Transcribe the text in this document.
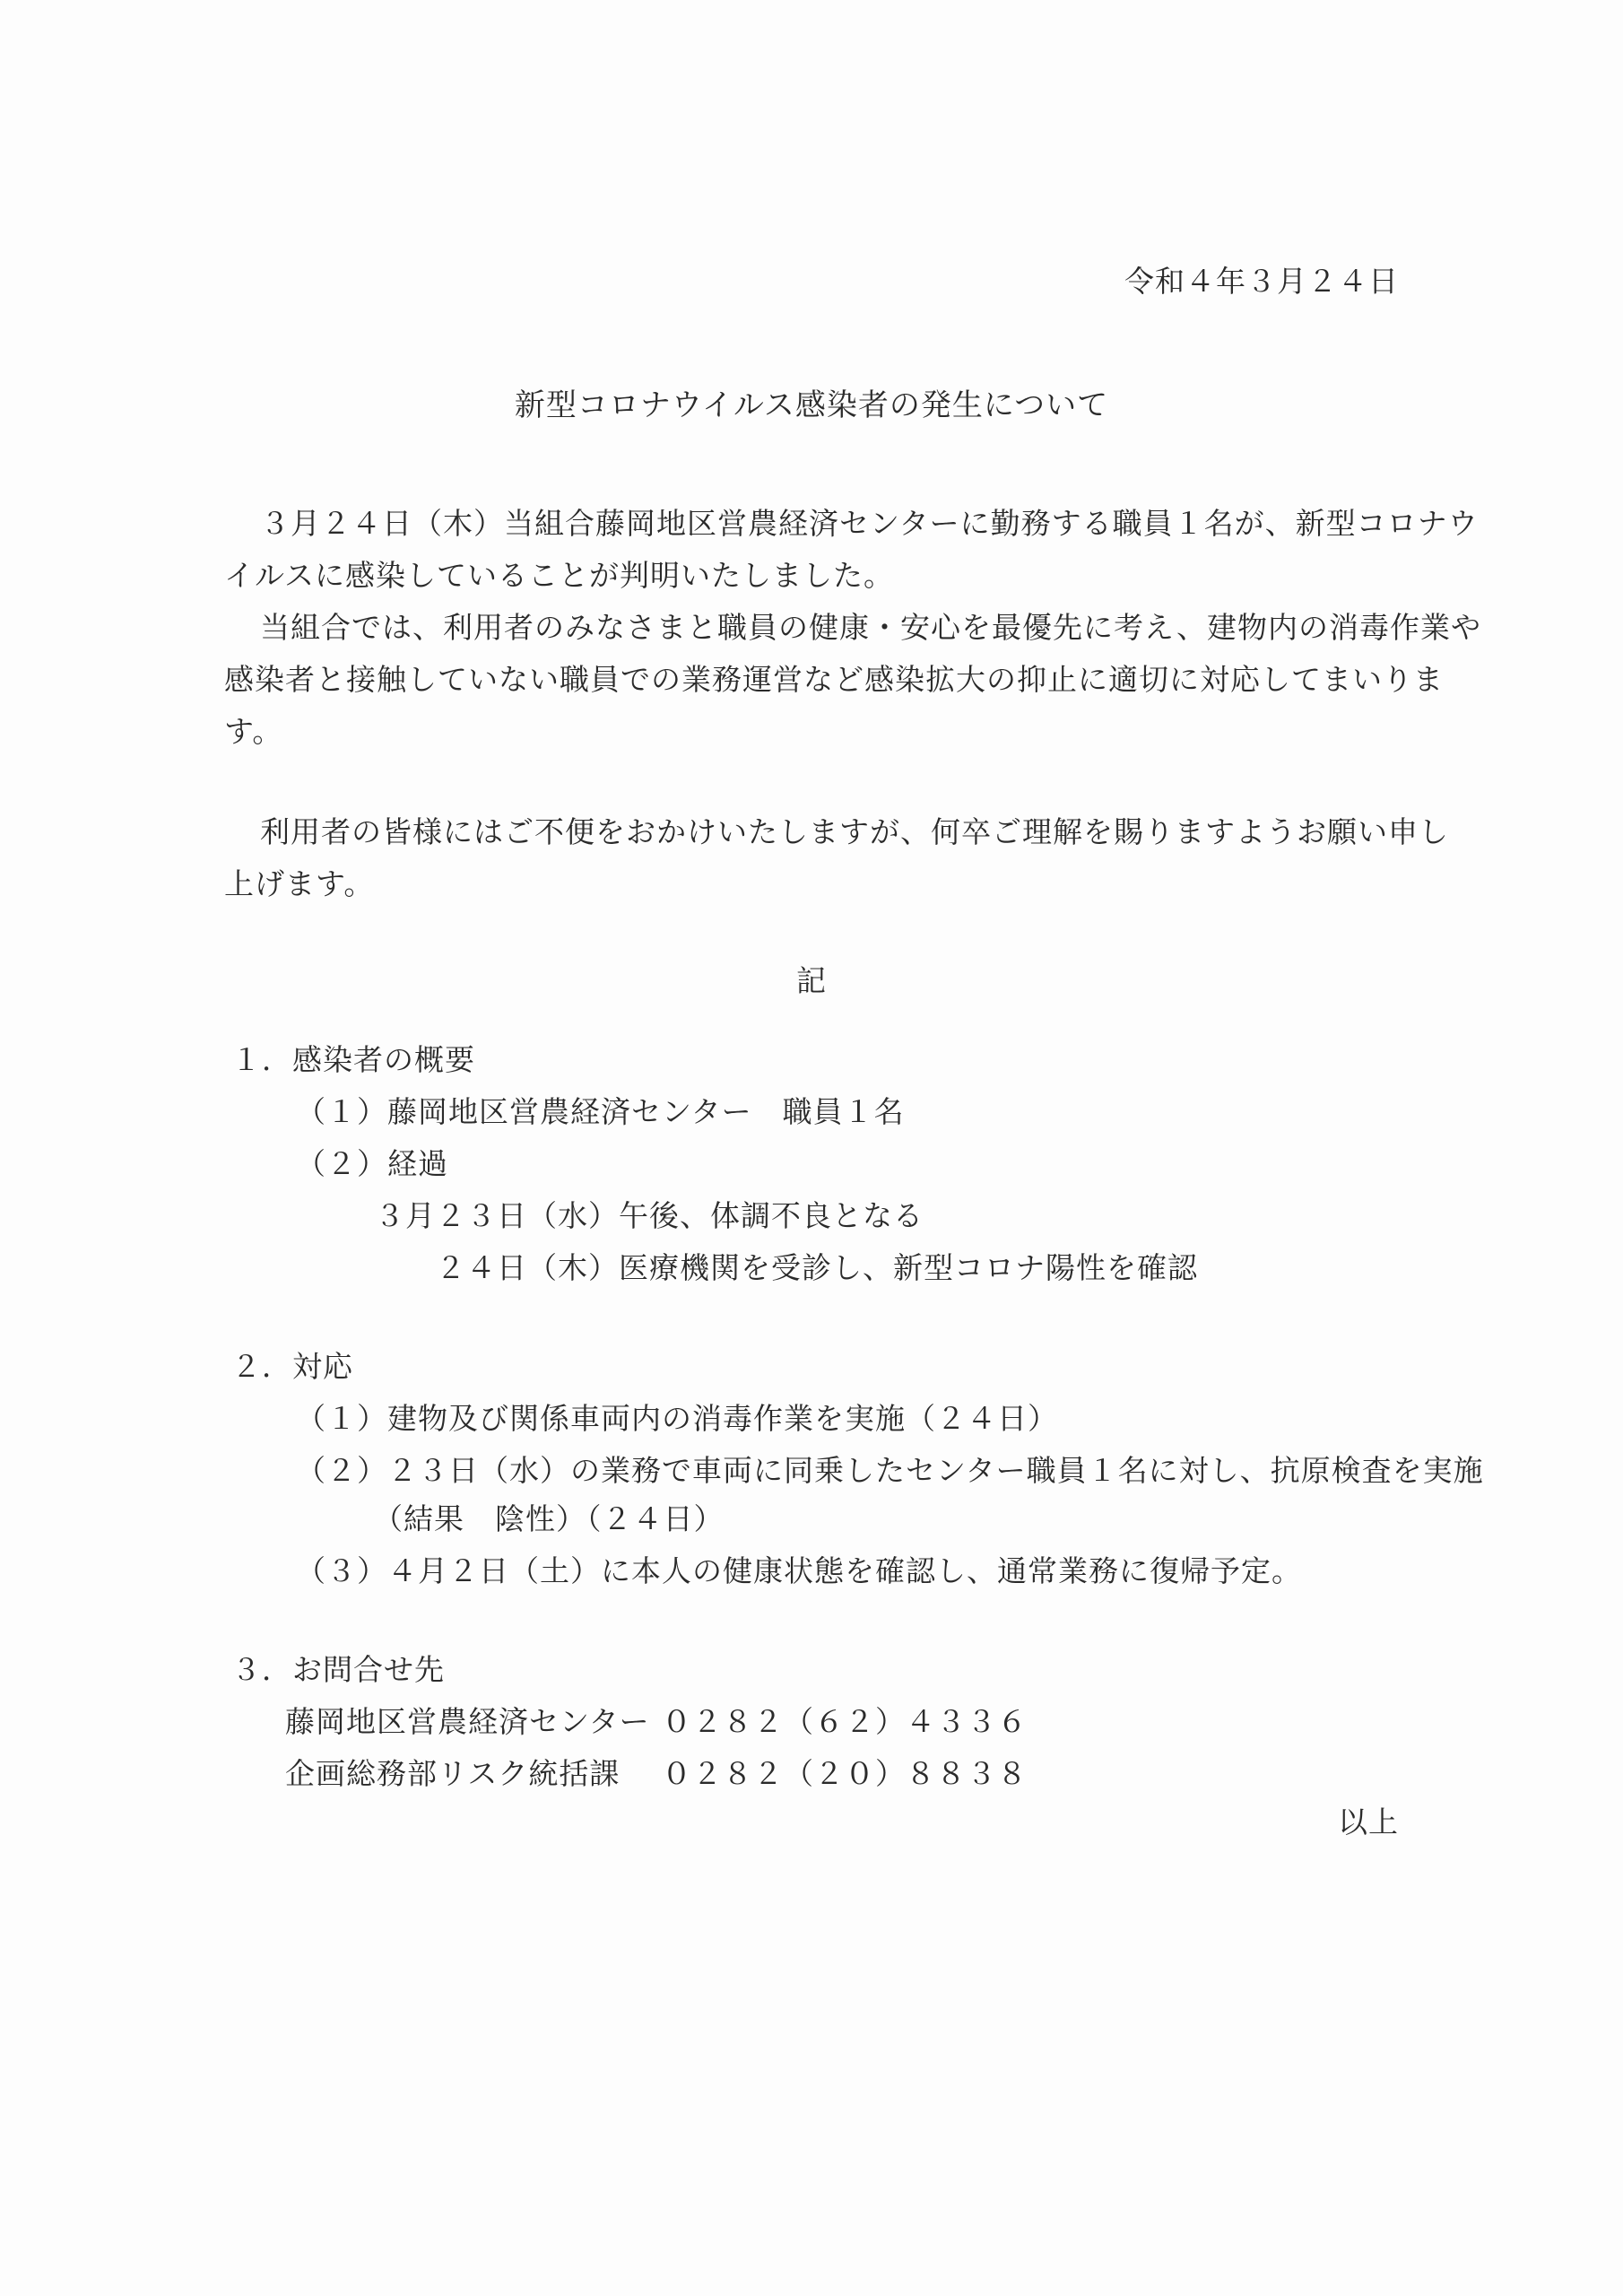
令和４年３月２４日
新型コロナウイルス感染者の発生について
３月２４日（木）当組合藤岡地区営農経済センターに勤務する職員１名が、新型コロナウ
イルスに感染していることが判明いたしました。
当組合では、利用者のみなさまと職員の健康・安心を最優先に考え、建物内の消毒作業や
感染者と接触していない職員での業務運営など感染拡大の抑止に適切に対応してまいりま
す。
利用者の皆様にはご不便をおかけいたしますが、何卒ご理解を賜りますようお願い申し
上げます。
記
１．感染者の概要
（１）藤岡地区営農経済センター　職員１名
（２）経過
３月２３日（水）午後、体調不良となる
２４日（木）医療機関を受診し、新型コロナ陽性を確認
２．対応
（１）建物及び関係車両内の消毒作業を実施（２４日）
（２）２３日（水）の業務で車両に同乗したセンター職員１名に対し、抗原検査を実施
（結果　陰性）（２４日）
（３）４月２日（土）に本人の健康状態を確認し、通常業務に復帰予定。
３．お問合せ先
藤岡地区営農経済センター ０２８２（６２）４３３６
企画総務部リスク統括課 ０２８２（２０）８８３８
以上
